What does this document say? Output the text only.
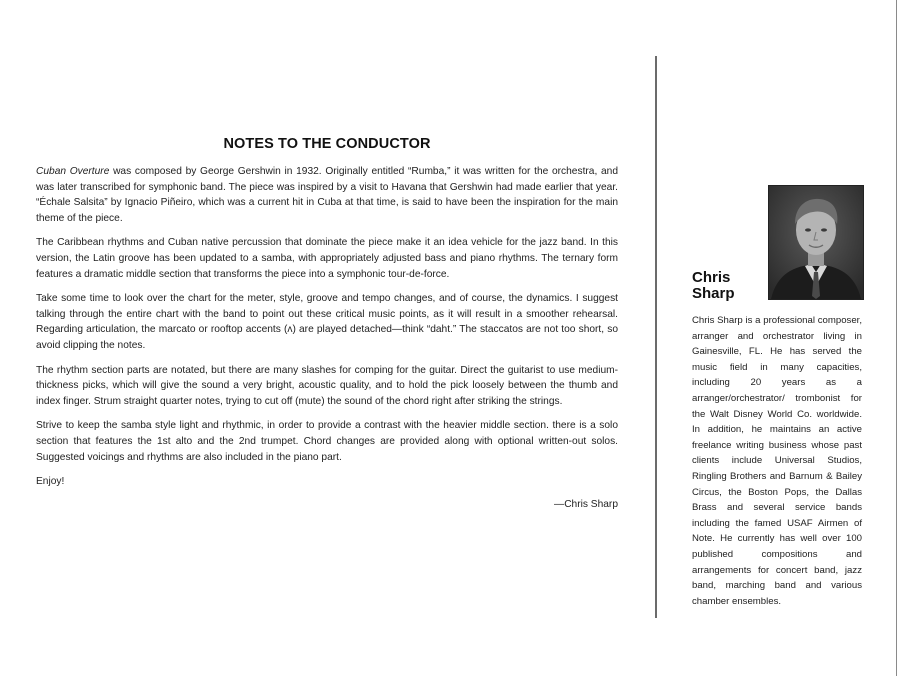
NOTES TO THE CONDUCTOR

Cuban Overture was composed by George Gershwin in 1932. Originally entitled “Rumba,” it was written for the orchestra, and was later transcribed for symphonic band. The piece was inspired by a visit to Havana that Gershwin had made earlier that year. “Échale Salsita” by Ignacio Piñeiro, which was a current hit in Cuba at that time, is said to have been the inspiration for the main theme of the piece.

The Caribbean rhythms and Cuban native percussion that dominate the piece make it an idea vehicle for the jazz band. In this version, the Latin groove has been updated to a samba, with appropriately adjusted bass and piano rhythms. The ternary form features a dramatic middle section that transforms the piece into a symphonic tour-de-force.

Take some time to look over the chart for the meter, style, groove and tempo changes, and of course, the dynamics. I suggest talking through the entire chart with the band to point out these critical music points, as it will result in a smoother rehearsal. Regarding articulation, the marcato or rooftop accents (ʌ) are played detached—think “daht.” The staccatos are not too short, so avoid clipping the notes.

The rhythm section parts are notated, but there are many slashes for comping for the guitar. Direct the guitarist to use medium-thickness picks, which will give the sound a very bright, acoustic quality, and to hold the pick loosely between the thumb and index finger. Strum straight quarter notes, trying to cut off (mute) the sound of the chord right after striking the strings.

Strive to keep the samba style light and rhythmic, in order to provide a contrast with the heavier middle section. there is a solo section that features the 1st alto and the 2nd trumpet. Chord changes are provided along with optional written-out solos. Suggested voicings and rhythms are also included in the piano part.

Enjoy!

—Chris Sharp
Chris
Sharp

Chris Sharp is a professional composer, arranger and orchestrator living in Gainesville, FL. He has served the music field in many capacities, including 20 years as a arranger/orchestrator/ trombonist for the Walt Disney World Co. worldwide. In addition, he maintains an active freelance writing business whose past clients include Universal Studios, Ringling Brothers and Barnum & Bailey Circus, the Boston Pops, the Dallas Brass and several service bands including the famed USAF Airmen of Note. He currently has well over 100 published compositions and arrangements for concert band, jazz band, marching band and various chamber ensembles.
